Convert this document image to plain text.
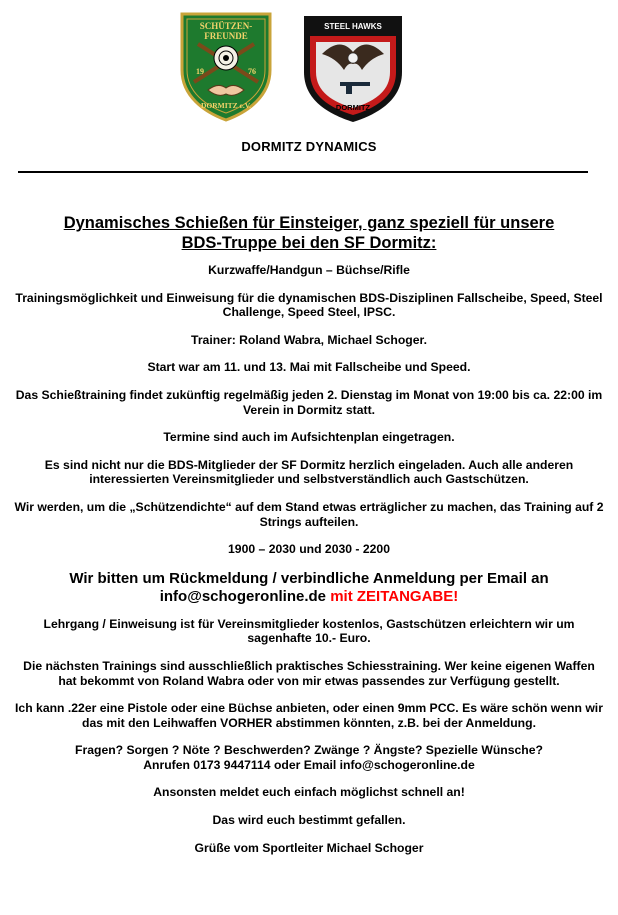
SCHÜTZEN-
FREUNDE
19	76
DORMITZ e.V.
STEEL HAWKS
DORMITZ
DORMITZ DYNAMICS
Dynamisches Schießen für Einsteiger, ganz speziell für unsere
BDS-Truppe bei den SF Dormitz:
Kurzwaffe/Handgun – Büchse/Rifle
Trainingsmöglichkeit und Einweisung für die dynamischen BDS-Disziplinen Fallscheibe, Speed, Steel Challenge, Speed Steel, IPSC.
Trainer: Roland Wabra, Michael Schoger.
Start war am 11. und 13. Mai mit Fallscheibe und Speed.
Das Schießtraining findet zukünftig regelmäßig jeden 2. Dienstag im Monat von 19:00 bis ca. 22:00 im Verein in Dormitz statt.
Termine sind auch im Aufsichtenplan eingetragen.
Es sind nicht nur die BDS-Mitglieder der SF Dormitz herzlich eingeladen. Auch alle anderen interessierten Vereinsmitglieder und selbstverständlich auch Gastschützen.
Wir werden, um die „Schützendichte“ auf dem Stand etwas erträglicher zu machen, das Training auf 2 Strings aufteilen.
1900 – 2030 und 2030 - 2200
Wir bitten um Rückmeldung / verbindliche Anmeldung per Email an
info@schogeronline.de mit ZEITANGABE!
Lehrgang / Einweisung ist für Vereinsmitglieder kostenlos, Gastschützen erleichtern wir um sagenhafte 10.- Euro.
Die nächsten Trainings sind ausschließlich praktisches Schiesstraining. Wer keine eigenen Waffen hat bekommt von Roland Wabra oder von mir etwas passendes zur Verfügung gestellt.
Ich kann .22er eine Pistole oder eine Büchse anbieten, oder einen 9mm PCC. Es wäre schön wenn wir das mit den Leihwaffen VORHER abstimmen könnten, z.B. bei der Anmeldung.
Fragen? Sorgen ? Nöte ? Beschwerden? Zwänge ? Ängste? Spezielle Wünsche?
Anrufen 0173 9447114 oder Email info@schogeronline.de
Ansonsten meldet euch einfach möglichst schnell an!
Das wird euch bestimmt gefallen.
Grüße vom Sportleiter Michael Schoger
